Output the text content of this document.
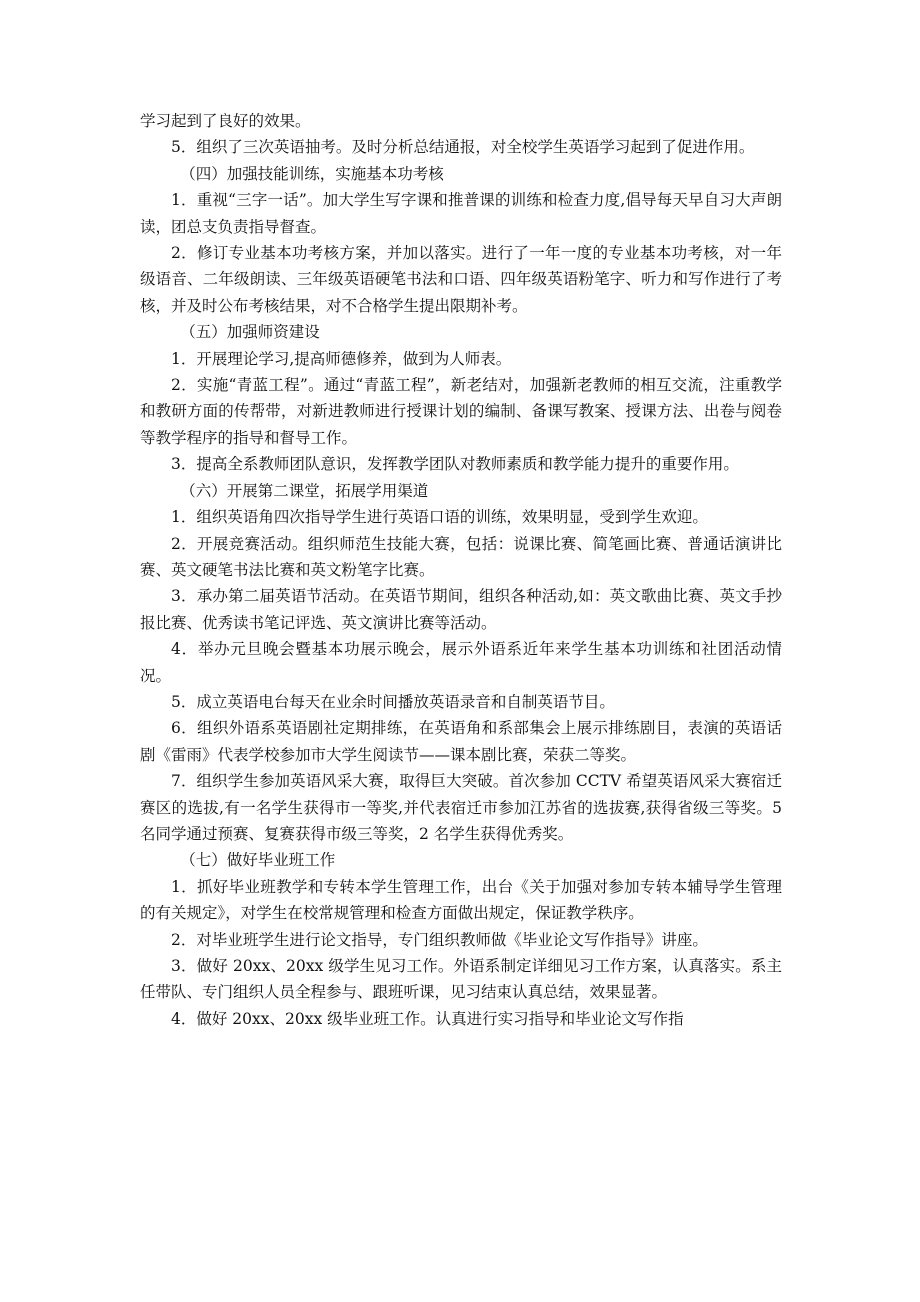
学习起到了良好的效果。

5．组织了三次英语抽考。及时分析总结通报，对全校学生英语学习起到了促进作用。

（四）加强技能训练，实施基本功考核

1．重视“三字一话”。加大学生写字课和推普课的训练和检查力度,倡导每天早自习大声朗读，团总支负责指导督查。

2．修订专业基本功考核方案，并加以落实。进行了一年一度的专业基本功考核，对一年级语音、二年级朗读、三年级英语硬笔书法和口语、四年级英语粉笔字、听力和写作进行了考核，并及时公布考核结果，对不合格学生提出限期补考。

（五）加强师资建设

1．开展理论学习,提高师德修养，做到为人师表。

2．实施“青蓝工程”。通过“青蓝工程”，新老结对，加强新老教师的相互交流，注重教学和教研方面的传帮带，对新进教师进行授课计划的编制、备课写教案、授课方法、出卷与阅卷等教学程序的指导和督导工作。

3．提高全系教师团队意识，发挥教学团队对教师素质和教学能力提升的重要作用。

（六）开展第二课堂，拓展学用渠道

1．组织英语角四次指导学生进行英语口语的训练，效果明显，受到学生欢迎。

2．开展竞赛活动。组织师范生技能大赛，包括：说课比赛、简笔画比赛、普通话演讲比赛、英文硬笔书法比赛和英文粉笔字比赛。

3．承办第二届英语节活动。在英语节期间，组织各种活动,如：英文歌曲比赛、英文手抄报比赛、优秀读书笔记评选、英文演讲比赛等活动。

4．举办元旦晚会暨基本功展示晚会，展示外语系近年来学生基本功训练和社团活动情况。

5．成立英语电台每天在业余时间播放英语录音和自制英语节目。

6．组织外语系英语剧社定期排练，在英语角和系部集会上展示排练剧目，表演的英语话剧《雷雨》代表学校参加市大学生阅读节——课本剧比赛，荣获二等奖。

7．组织学生参加英语风采大赛，取得巨大突破。首次参加 CCTV 希望英语风采大赛宿迁赛区的选拔,有一名学生获得市一等奖,并代表宿迁市参加江苏省的选拔赛,获得省级三等奖。5 名同学通过预赛、复赛获得市级三等奖，2 名学生获得优秀奖。

（七）做好毕业班工作

1．抓好毕业班教学和专转本学生管理工作，出台《关于加强对参加专转本辅导学生管理的有关规定》，对学生在校常规管理和检查方面做出规定，保证教学秩序。

2．对毕业班学生进行论文指导，专门组织教师做《毕业论文写作指导》讲座。

3．做好 20xx、20xx 级学生见习工作。外语系制定详细见习工作方案，认真落实。系主任带队、专门组织人员全程参与、跟班听课，见习结束认真总结，效果显著。

4．做好 20xx、20xx 级毕业班工作。认真进行实习指导和毕业论文写作指
